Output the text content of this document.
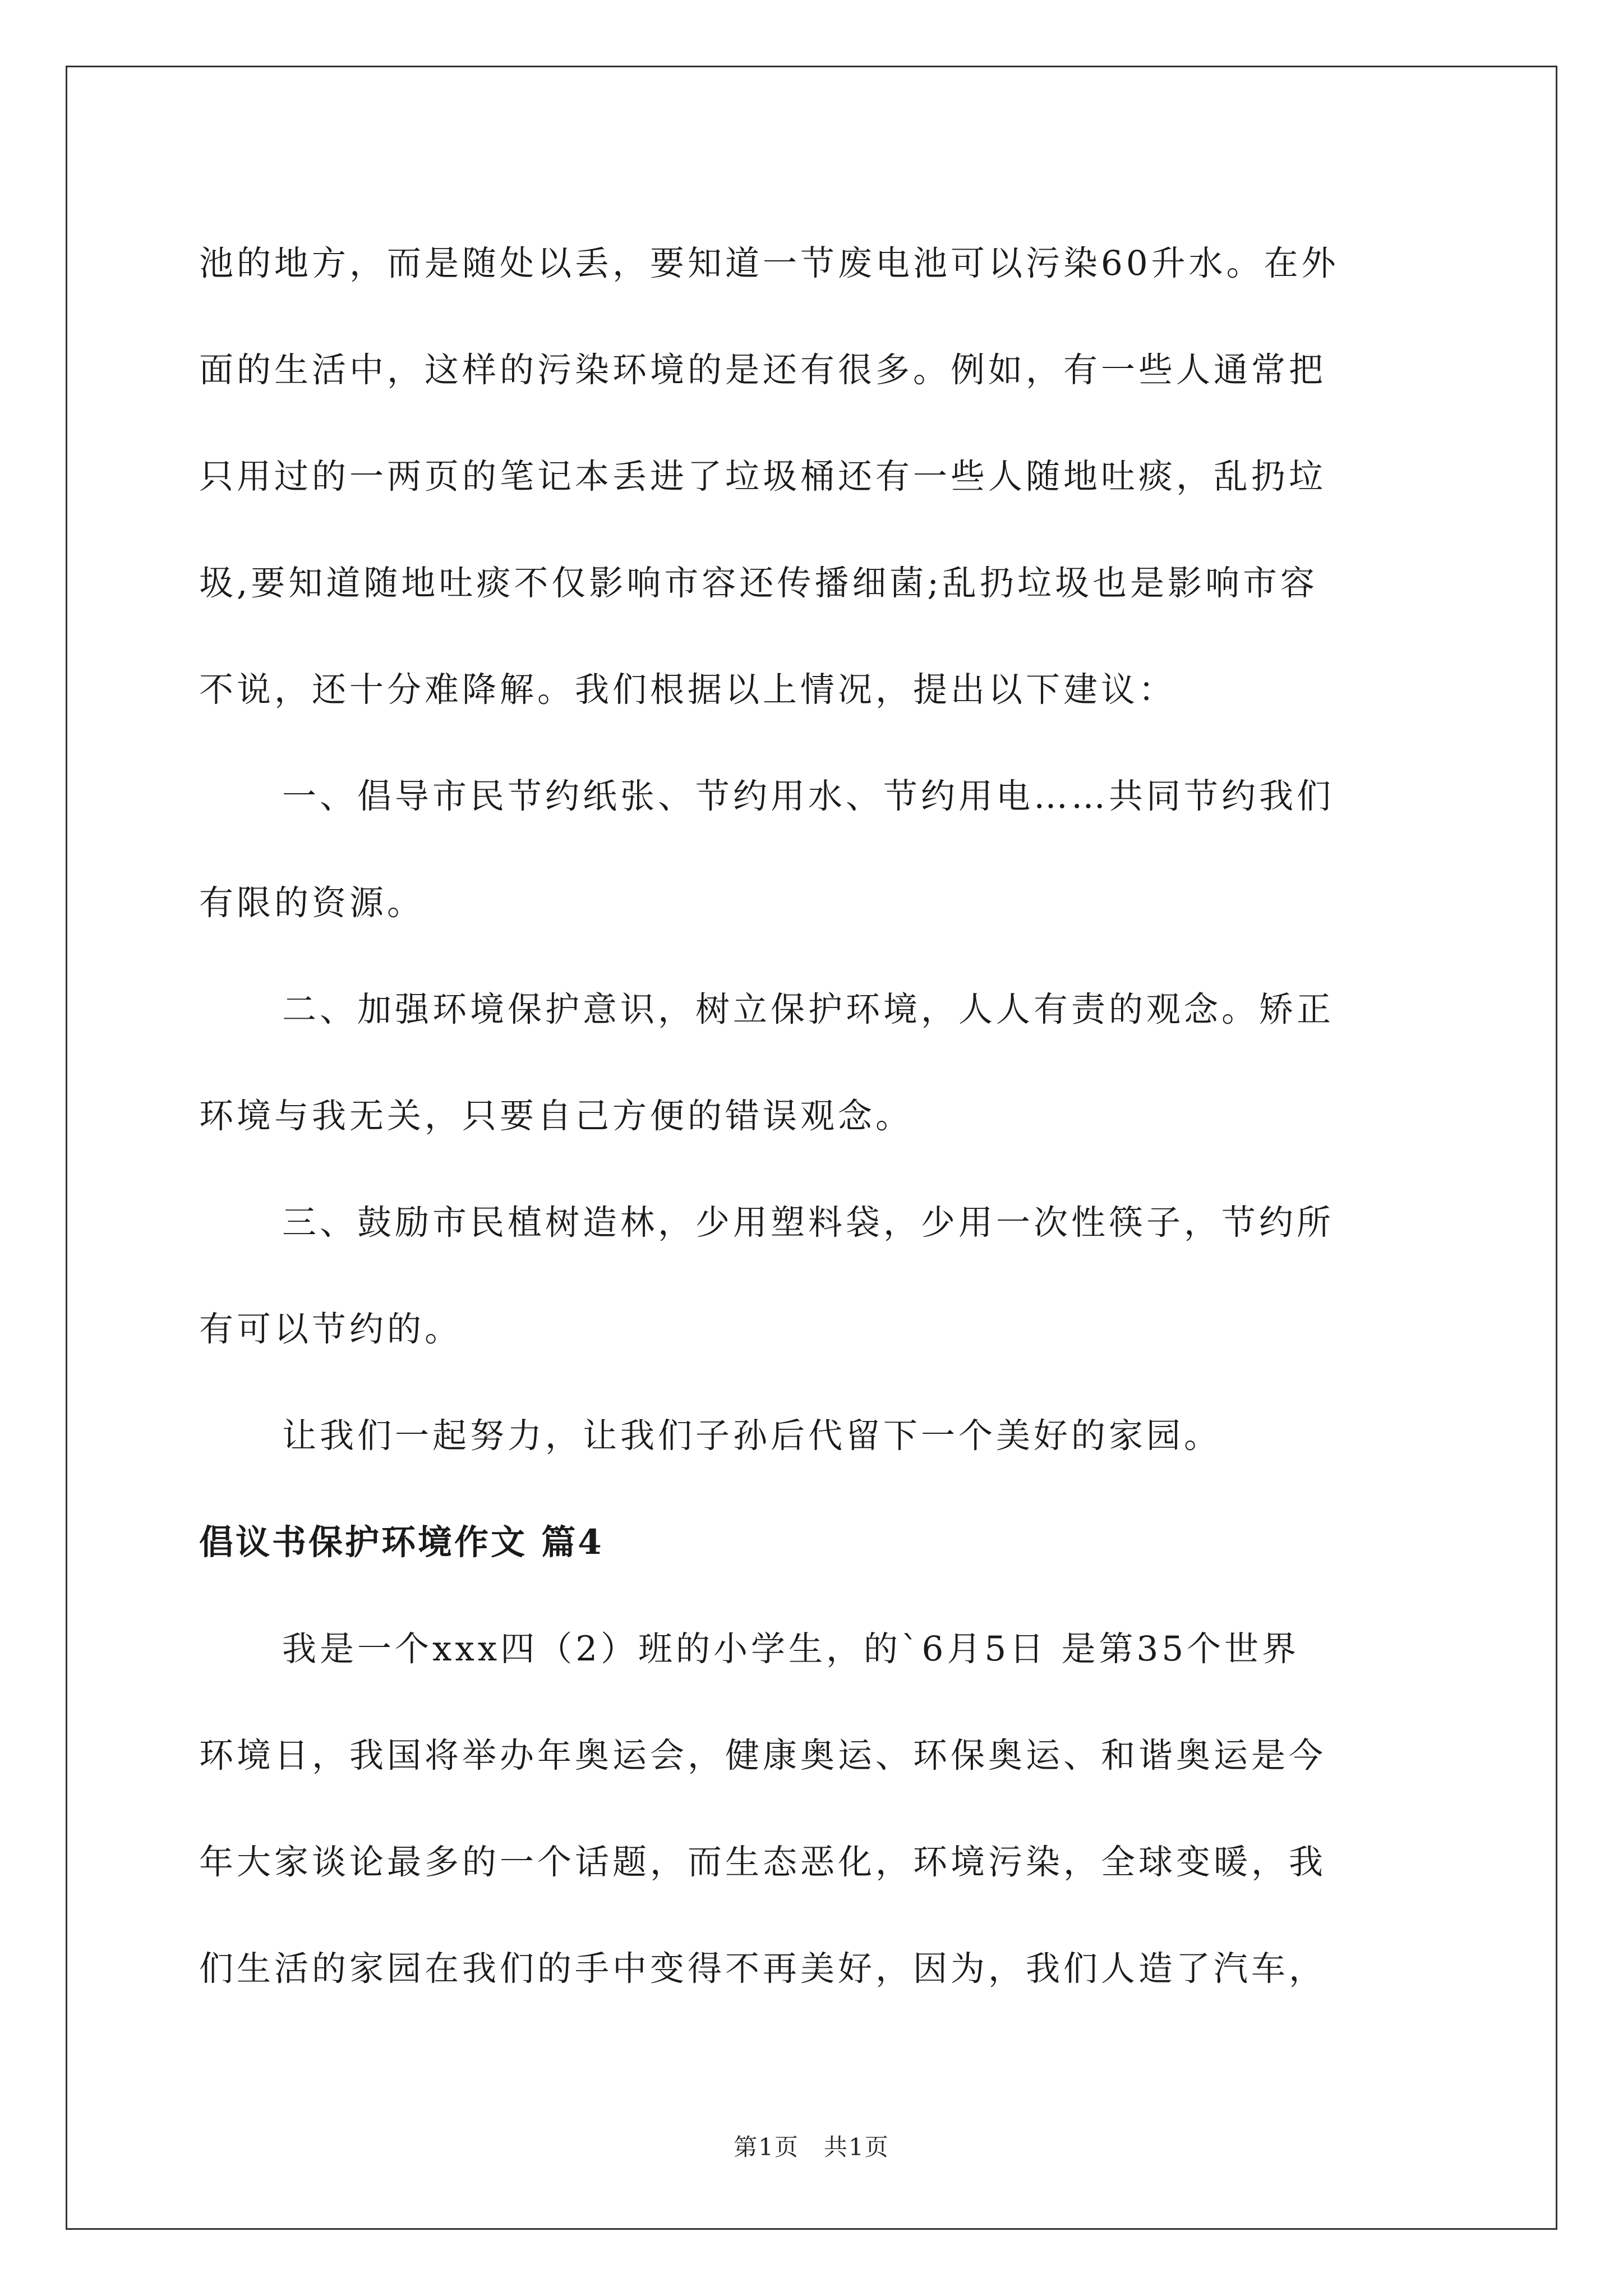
池的地方，而是随处以丢，要知道一节废电池可以污染60升水。在外
面的生活中，这样的污染环境的是还有很多。例如，有一些人通常把
只用过的一两页的笔记本丢进了垃圾桶还有一些人随地吐痰，乱扔垃
圾,要知道随地吐痰不仅影响市容还传播细菌;乱扔垃圾也是影响市容
不说，还十分难降解。我们根据以上情况，提出以下建议：

一、倡导市民节约纸张、节约用水、节约用电……共同节约我们
有限的资源。

二、加强环境保护意识，树立保护环境，人人有责的观念。矫正
环境与我无关，只要自己方便的错误观念。

三、鼓励市民植树造林，少用塑料袋，少用一次性筷子，节约所
有可以节约的。

让我们一起努力，让我们子孙后代留下一个美好的家园。

倡议书保护环境作文 篇4

我是一个xxx四（2）班的小学生，的`6月5日 是第35个世界
环境日，我国将举办年奥运会，健康奥运、环保奥运、和谐奥运是今
年大家谈论最多的一个话题，而生态恶化，环境污染，全球变暖，我
们生活的家园在我们的手中变得不再美好，因为，我们人造了汽车，

第1页　共1页
